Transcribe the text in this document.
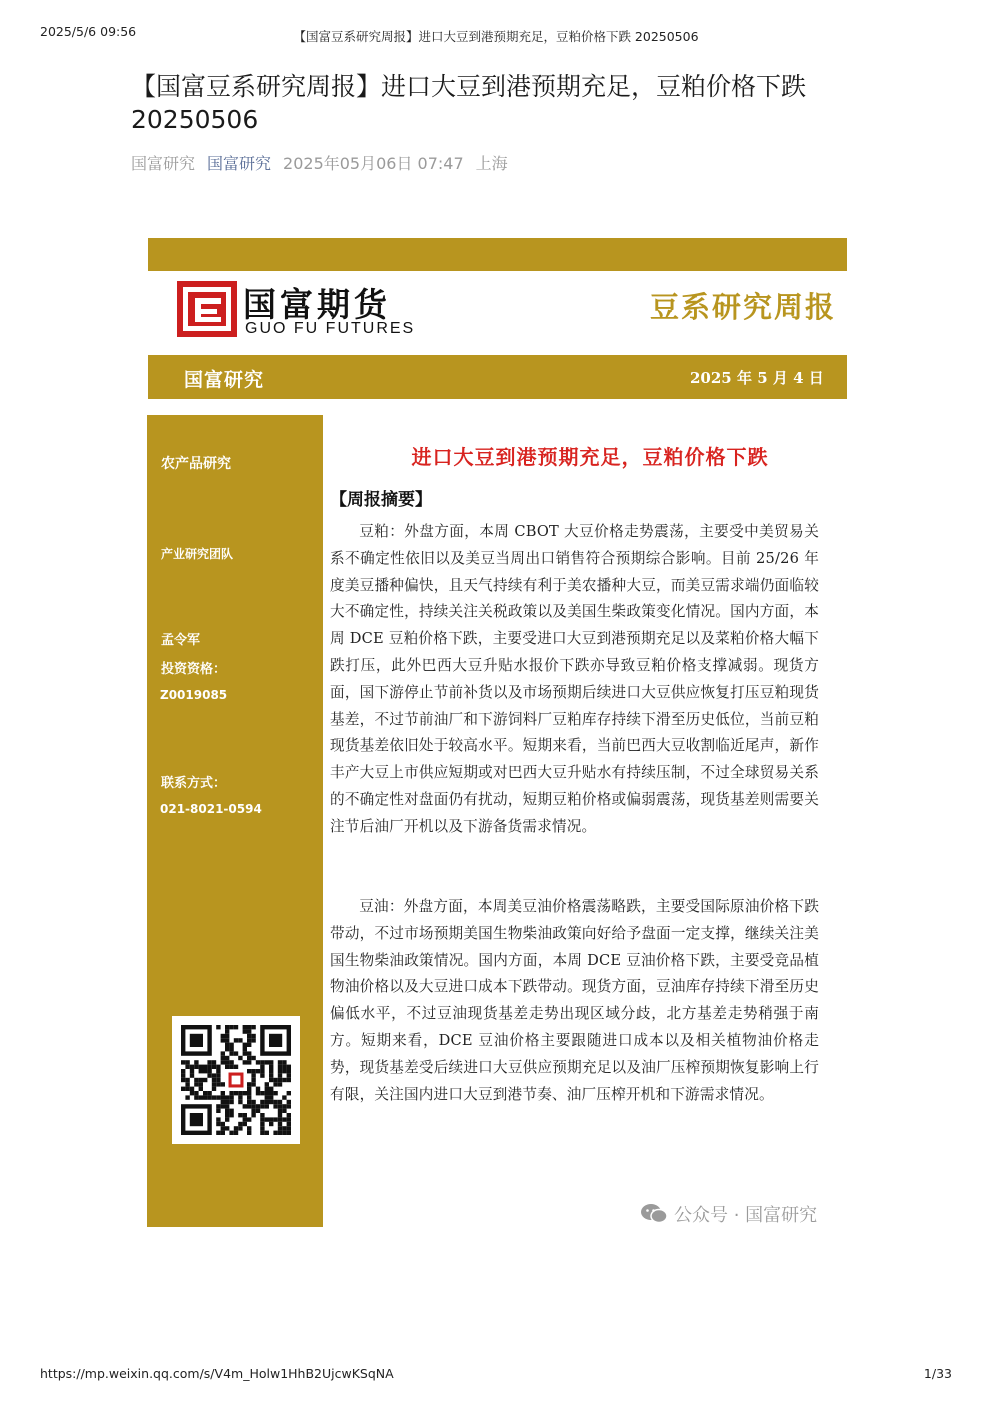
2025/5/6 09:56	【国富豆系研究周报】进口大豆到港预期充足，豆粕价格下跌 20250506
【国富豆系研究周报】进口大豆到港预期充足，豆粕价格下跌 20250506
国富研究 国富研究 2025年05月06日 07:47 上海
国富期货
GUO FU FUTURES
豆系研究周报
国富研究	2025 年 5 月 4 日
农产品研究
产业研究团队
孟令军
投资资格：
Z0019085
联系方式：
021-8021-0594
进口大豆到港预期充足，豆粕价格下跌
【周报摘要】
豆粕：外盘方面，本周 CBOT 大豆价格走势震荡，主要受中美贸易关系不确定性依旧以及美豆当周出口销售符合预期综合影响。目前 25/26 年度美豆播种偏快，且天气持续有利于美农播种大豆，而美豆需求端仍面临较大不确定性，持续关注关税政策以及美国生柴政策变化情况。国内方面，本周 DCE 豆粕价格下跌，主要受进口大豆到港预期充足以及菜粕价格大幅下跌打压，此外巴西大豆升贴水报价下跌亦导致豆粕价格支撑减弱。现货方面，国下游停止节前补货以及市场预期后续进口大豆供应恢复打压豆粕现货基差，不过节前油厂和下游饲料厂豆粕库存持续下滑至历史低位，当前豆粕现货基差依旧处于较高水平。短期来看，当前巴西大豆收割临近尾声，新作丰产大豆上市供应短期或对巴西大豆升贴水有持续压制，不过全球贸易关系的不确定性对盘面仍有扰动，短期豆粕价格或偏弱震荡，现货基差则需要关注节后油厂开机以及下游备货需求情况。
豆油：外盘方面，本周美豆油价格震荡略跌，主要受国际原油价格下跌带动，不过市场预期美国生物柴油政策向好给予盘面一定支撑，继续关注美国生物柴油政策情况。国内方面，本周 DCE 豆油价格下跌，主要受竞品植物油价格以及大豆进口成本下跌带动。现货方面，豆油库存持续下滑至历史偏低水平，不过豆油现货基差走势出现区域分歧，北方基差走势稍强于南方。短期来看，DCE 豆油价格主要跟随进口成本以及相关植物油价格走势，现货基差受后续进口大豆供应预期充足以及油厂压榨预期恢复影响上行有限，关注国内进口大豆到港节奏、油厂压榨开机和下游需求情况。
公众号 · 国富研究
https://mp.weixin.qq.com/s/V4m_Holw1HhB2UjcwKSqNA	1/33
